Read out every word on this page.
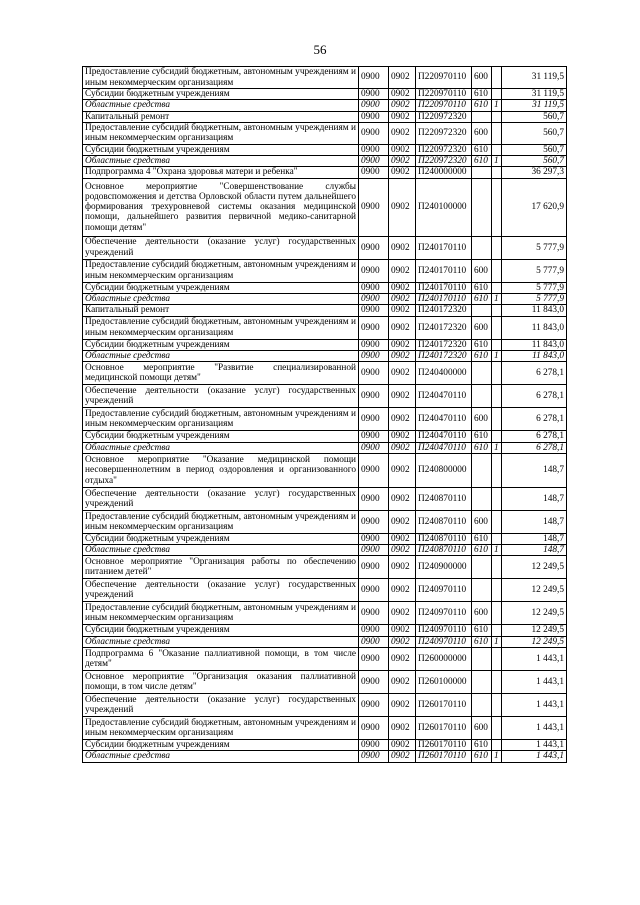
56
Предоставление субсидий бюджетным, автономным учреждениям и иным некоммерческим организациям	0900	0902	П220970110	600		31 119,5
Субсидии бюджетным учреждениям	0900	0902	П220970110	610		31 119,5
Областные средства	0900	0902	П220970110	610	1	31 119,5
Капитальный ремонт	0900	0902	П220972320			560,7
Предоставление субсидий бюджетным, автономным учреждениям и иным некоммерческим организациям	0900	0902	П220972320	600		560,7
Субсидии бюджетным учреждениям	0900	0902	П220972320	610		560,7
Областные средства	0900	0902	П220972320	610	1	560,7
Подпрограмма 4 "Охрана здоровья матери и ребенка"	0900	0902	П240000000			36 297,3
Основное мероприятие "Совершенствование службы родовспоможения и детства Орловской области путем дальнейшего формирования трехуровневой системы оказания медицинской помощи, дальнейшего развития первичной медико-санитарной помощи детям"	0900	0902	П240100000			17 620,9
Обеспечение деятельности (оказание услуг) государственных учреждений	0900	0902	П240170110			5 777,9
Предоставление субсидий бюджетным, автономным учреждениям и иным некоммерческим организациям	0900	0902	П240170110	600		5 777,9
Субсидии бюджетным учреждениям	0900	0902	П240170110	610		5 777,9
Областные средства	0900	0902	П240170110	610	1	5 777,9
Капитальный ремонт	0900	0902	П240172320			11 843,0
Предоставление субсидий бюджетным, автономным учреждениям и иным некоммерческим организациям	0900	0902	П240172320	600		11 843,0
Субсидии бюджетным учреждениям	0900	0902	П240172320	610		11 843,0
Областные средства	0900	0902	П240172320	610	1	11 843,0
Основное мероприятие "Развитие специализированной медицинской помощи детям"	0900	0902	П240400000			6 278,1
Обеспечение деятельности (оказание услуг) государственных учреждений	0900	0902	П240470110			6 278,1
Предоставление субсидий бюджетным, автономным учреждениям и иным некоммерческим организациям	0900	0902	П240470110	600		6 278,1
Субсидии бюджетным учреждениям	0900	0902	П240470110	610		6 278,1
Областные средства	0900	0902	П240470110	610	1	6 278,1
Основное мероприятие "Оказание медицинской помощи несовершеннолетним в период оздоровления и организованного отдыха"	0900	0902	П240800000			148,7
Обеспечение деятельности (оказание услуг) государственных учреждений	0900	0902	П240870110			148,7
Предоставление субсидий бюджетным, автономным учреждениям и иным некоммерческим организациям	0900	0902	П240870110	600		148,7
Субсидии бюджетным учреждениям	0900	0902	П240870110	610		148,7
Областные средства	0900	0902	П240870110	610	1	148,7
Основное мероприятие "Организация работы по обеспечению питанием детей"	0900	0902	П240900000			12 249,5
Обеспечение деятельности (оказание услуг) государственных учреждений	0900	0902	П240970110			12 249,5
Предоставление субсидий бюджетным, автономным учреждениям и иным некоммерческим организациям	0900	0902	П240970110	600		12 249,5
Субсидии бюджетным учреждениям	0900	0902	П240970110	610		12 249,5
Областные средства	0900	0902	П240970110	610	1	12 249,5
Подпрограмма 6 "Оказание паллиативной помощи, в том числе детям"	0900	0902	П260000000			1 443,1
Основное мероприятие "Организация оказания паллиативной помощи, в том числе детям"	0900	0902	П260100000			1 443,1
Обеспечение деятельности (оказание услуг) государственных учреждений	0900	0902	П260170110			1 443,1
Предоставление субсидий бюджетным, автономным учреждениям и иным некоммерческим организациям	0900	0902	П260170110	600		1 443,1
Субсидии бюджетным учреждениям	0900	0902	П260170110	610		1 443,1
Областные средства	0900	0902	П260170110	610	1	1 443,1
